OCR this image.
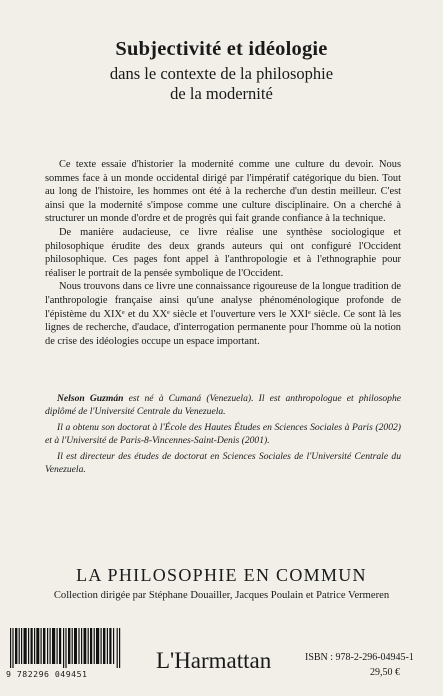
Subjectivité et idéologie
dans le contexte de la philosophie
de la modernité

Ce texte essaie d'historier la modernité comme une culture du devoir. Nous sommes face à un monde occidental dirigé par l'impératif catégorique du bien. Tout au long de l'histoire, les hommes ont été à la recherche d'un destin meilleur. C'est ainsi que la modernité s'impose comme une culture disciplinaire. On a cherché à structurer un monde d'ordre et de progrès qui fait grande confiance à la technique.

De manière audacieuse, ce livre réalise une synthèse sociologique et philosophique érudite des deux grands auteurs qui ont configuré l'Occident philosophique. Ces pages font appel à l'anthropologie et à l'ethnographie pour réaliser le portrait de la pensée symbolique de l'Occident.

Nous trouvons dans ce livre une connaissance rigoureuse de la longue tradition de l'anthropologie française ainsi qu'une analyse phénoménologique profonde de l'épistème du XIXᵉ et du XXᵉ siècle et l'ouverture vers le XXIᵉ siècle. Ce sont là les lignes de recherche, d'audace, d'interrogation permanente pour l'homme où la notion de crise des idéologies occupe un espace important.

Nelson Guzmán est né à Cumaná (Venezuela). Il est anthropologue et philosophe diplômé de l'Université Centrale du Venezuela.

Il a obtenu son doctorat à l'École des Hautes Études en Sciences Sociales à Paris (2002) et à l'Université de Paris-8-Vincennes-Saint-Denis (2001).

Il est directeur des études de doctorat en Sciences Sociales de l'Université Centrale du Venezuela.

LA PHILOSOPHIE EN COMMUN
Collection dirigée par Stéphane Douailler, Jacques Poulain et Patrice Vermeren
9 782296 049451
L'Harmattan	ISBN : 978-2-296-04945-1
29,50 €
